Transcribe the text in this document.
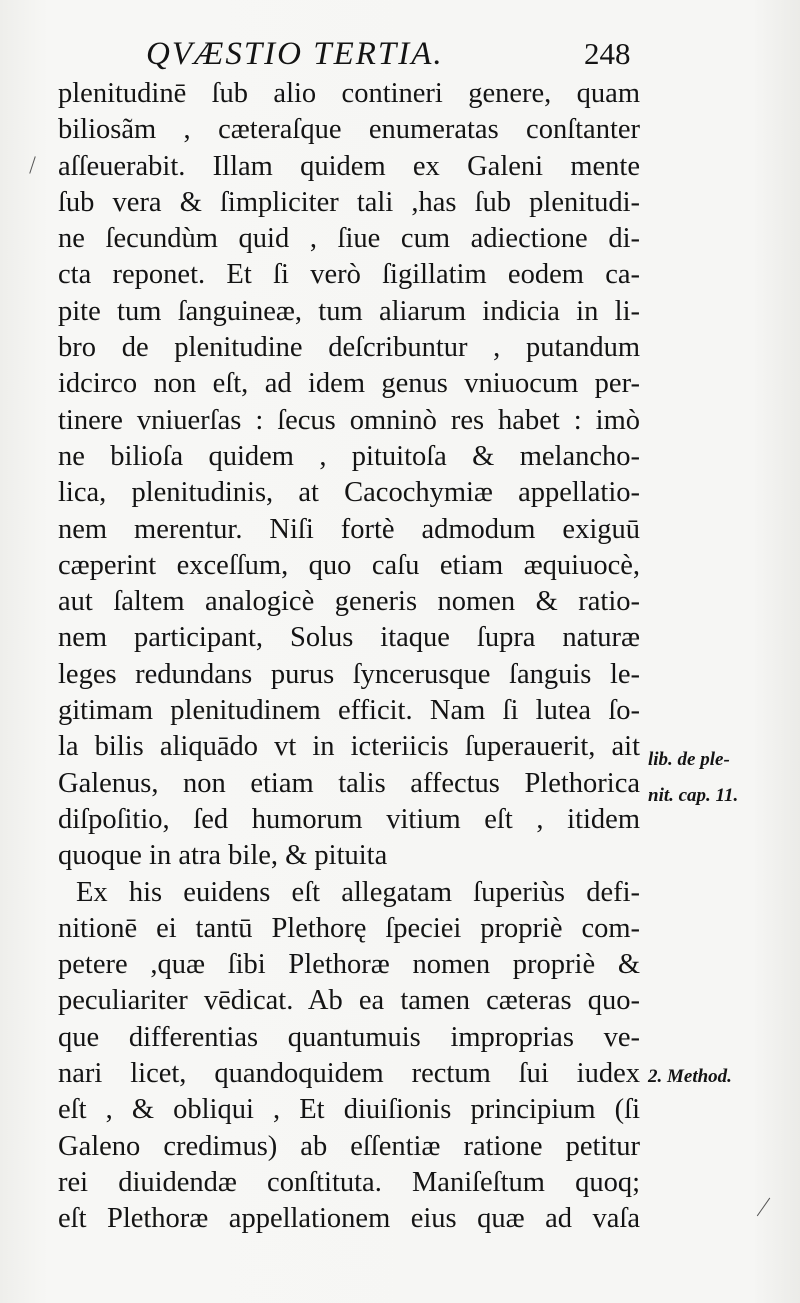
QVÆSTIO TERTIA.	248
plenitudinē ſub alio contineri genere, quam
biliosãm , cæteraſque enumeratas conſtanter
aſſeuerabit. Illam quidem ex Galeni mente
ſub vera & ſimpliciter tali ,has ſub plenitudi-
ne ſecundùm quid , ſiue cum adiectione di-
cta reponet. Et ſi verò ſigillatim eodem ca-
pite tum ſanguineæ, tum aliarum indicia in li-
bro de plenitudine deſcribuntur , putandum
idcirco non eſt, ad idem genus vniuocum per-
tinere vniuerſas : ſecus omninò res habet : imò
ne bilioſa quidem , pituitoſa & melancho-
lica, plenitudinis, at Cacochymiæ appellatio-
nem merentur. Niſi fortè admodum exiguū
cæperint exceſſum, quo caſu etiam æquiuocè,
aut ſaltem analogicè generis nomen & ratio-
nem participant, Solus itaque ſupra naturæ
leges redundans purus ſyncerusque ſanguis le-
gitimam plenitudinem efficit. Nam ſi lutea ſo-
la bilis aliquādo vt in icteriicis ſuperauerit, ait
Galenus, non etiam talis affectus Plethorica
diſpoſitio, ſed humorum vitium eſt , itidem
quoque in atra bile, & pituita
Ex his euidens eſt allegatam ſuperiùs defi-
nitionē ei tantū Plethorę ſpeciei propriè com-
petere ,quæ ſibi Plethoræ nomen propriè &
peculiariter vēdicat. Ab ea tamen cæteras quo-
que differentias quantumuis improprias ve-
nari licet, quandoquidem rectum ſui iudex
eſt , & obliqui , Et diuiſionis principium (ſi
Galeno credimus) ab eſſentiæ ratione petitur
rei diuidendæ conſtituta. Maniſeſtum quoq;
eſt Plethoræ appellationem eius quæ ad vaſa
lib. de ple-
nit. cap. 11.
2. Method.
